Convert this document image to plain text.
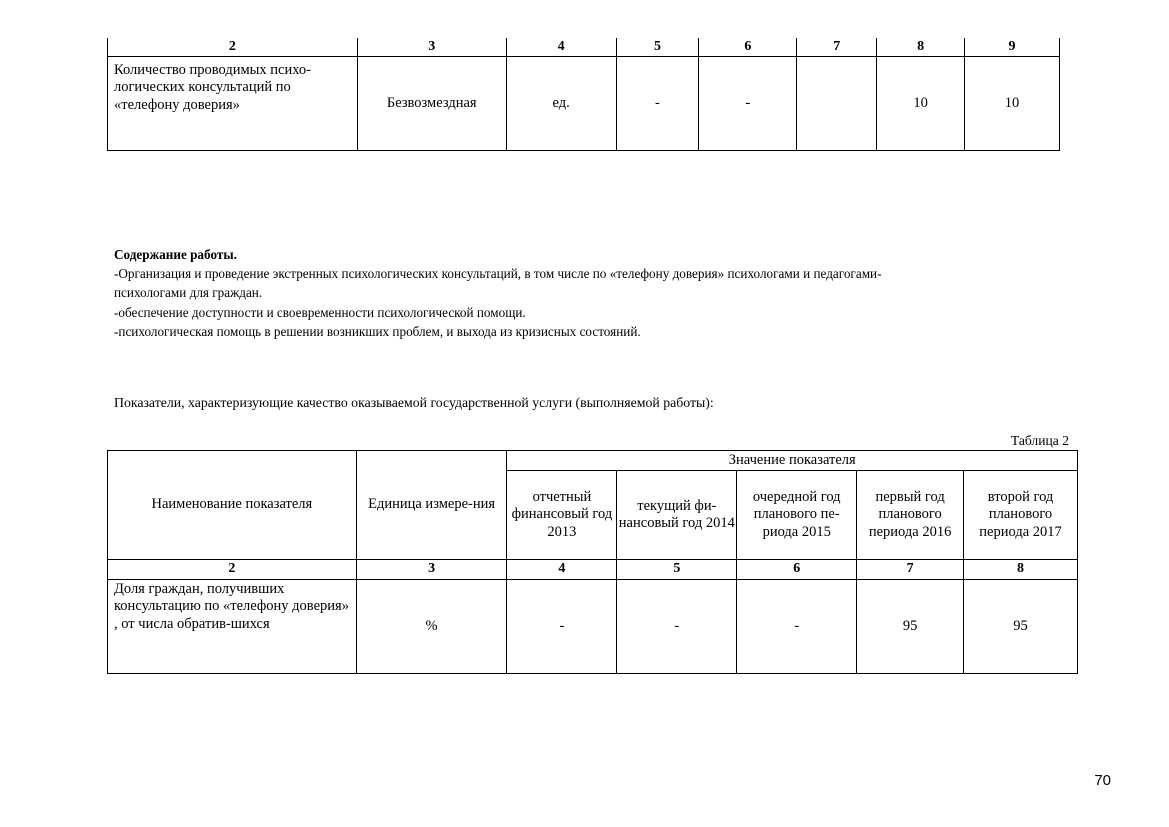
2	3	4	5	6	7	8	9
Количество проводимых психо-логических консультаций по «телефону доверия»	Безвозмездная	ед.	-	-		10	10

Содержание работы.

-Организация и проведение экстренных психологических консультаций, в том числе по «телефону доверия» психологами и педагогами-

психологами для граждан.

-обеспечение доступности и своевременности психологической помощи.

-психологическая помощь в решении возникших проблем, и выхода из кризисных состояний.

Показатели, характеризующие качество оказываемой государственной услуги (выполняемой работы):
Таблица 2
Наименование показателя	Единица измере-ния	Значение показателя				
		отчетный финансовый год 2013	текущий фи-нансовый год 2014	очередной год планового пе-риода 2015	первый год планового периода 2016	второй год планового периода 2017
2	3	4	5	6	7	8
Доля граждан, получивших консультацию по «телефону доверия» , от числа обратив-шихся	%	-	-	-	95	95
70
